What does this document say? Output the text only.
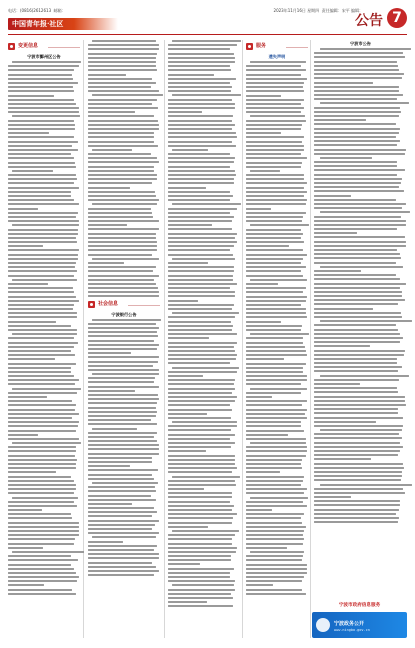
电话：(0816)2612613 邮箱：	2023年11月16日 星期四 责任编辑：宋平 编辑：
中国青年报·社区	公告 7
变更信息
宁波市鄞州区公告
社会信息
宁波银行公告
服务
遗失声明
宁波市公告
宁波市政府信息服务
宁波政务公开
www.ningbo.gov.cn
